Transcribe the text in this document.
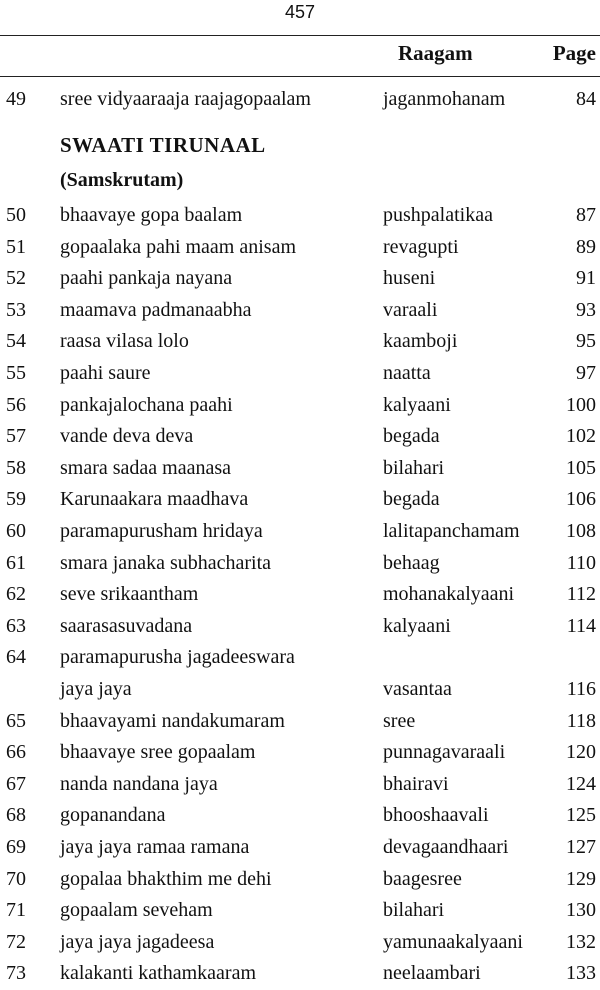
457
Raagam	Page
49 sree vidyaaraaja raajagopaalam	jaganmohanam	84
SWAATI TIRUNAAL
(Samskrutam)
50 bhaavaye gopa baalam	pushpalatikaa	87
51 gopaalaka pahi maam anisam	revagupti	89
52 paahi pankaja nayana	huseni	91
53 maamava padmanaabha	varaali	93
54 raasa vilasa lolo	kaamboji	95
55 paahi saure	naatta	97
56 pankajalochana paahi	kalyaani	100
57 vande deva deva	begada	102
58 smara sadaa maanasa	bilahari	105
59 Karunaakara maadhava	begada	106
60 paramapurusham hridaya	lalitapanchamam 108
61 smara janaka subhacharita	behaag	110
62 seve srikaantham	mohanakalyaani	112
63 saarasasuvadana	kalyaani	114
64 paramapurusha jagadeeswara
jaya jaya	vasantaa	116
65 bhaavayami nandakumaram	sree	118
66 bhaavaye sree gopaalam	punnagavaraali	120
67 nanda nandana jaya	bhairavi	124
68 gopanandana	bhooshaavali	125
69 jaya jaya ramaa ramana	devagaandhaari	127
70 gopalaa bhakthim me dehi	baagesree	129
71 gopaalam seveham	bilahari	130
72 jaya jaya jagadeesa	yamunaakalyaani 132
73 kalakanti kathamkaaram	neelaambari	133
